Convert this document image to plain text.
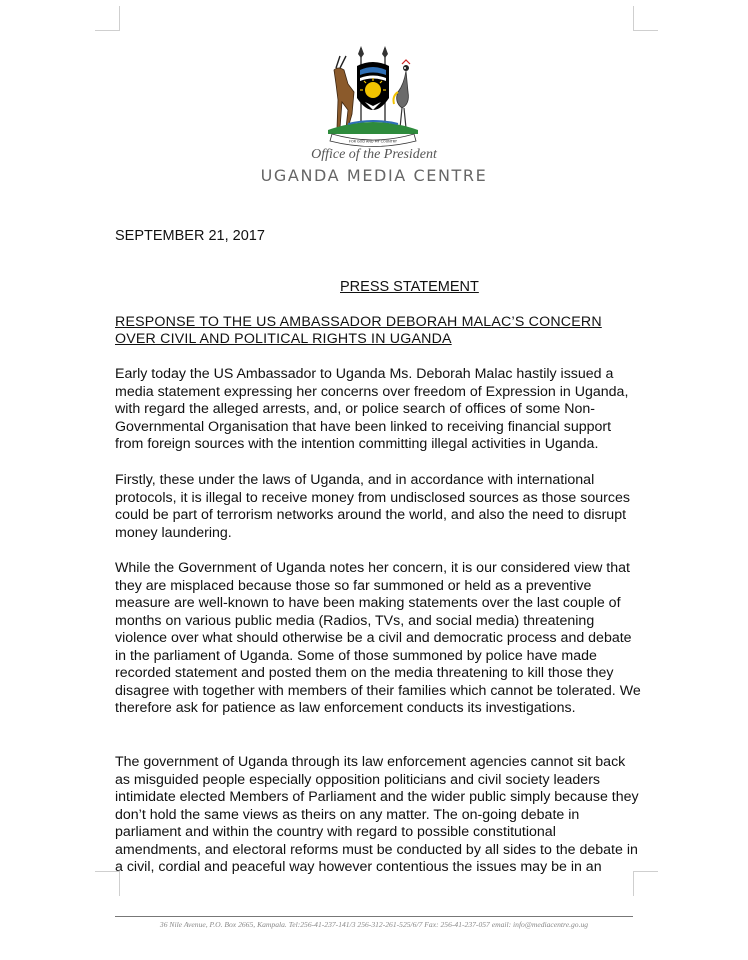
FOR GOD AND MY COUNTRY
Office of the President
UGANDA MEDIA CENTRE
SEPTEMBER 21, 2017
PRESS STATEMENT
RESPONSE TO THE US AMBASSADOR DEBORAH MALAC’S CONCERN
OVER CIVIL AND POLITICAL RIGHTS IN UGANDA

Early today the US Ambassador to Uganda Ms. Deborah Malac hastily issued a media statement expressing her concerns over freedom of Expression in Uganda, with regard the alleged arrests, and, or police search of offices of some Non-Governmental Organisation that have been linked to receiving financial support from foreign sources with the intention committing illegal activities in Uganda.

Firstly, these under the laws of Uganda, and in accordance with international protocols, it is illegal to receive money from undisclosed sources as those sources could be part of terrorism networks around the world, and also the need to disrupt money laundering.

While the Government of Uganda notes her concern, it is our considered view that they are misplaced because those so far summoned or held as a preventive measure are well-known to have been making statements over the last couple of months on various public media (Radios, TVs, and social media) threatening violence over what should otherwise be a civil and democratic process and debate in the parliament of Uganda. Some of those summoned by police have made recorded statement and posted them on the media threatening to kill those they disagree with together with members of their families which cannot be tolerated. We therefore ask for patience as law enforcement conducts its investigations.

The government of Uganda through its law enforcement agencies cannot sit back as misguided people especially opposition politicians and civil society leaders intimidate elected Members of Parliament and the wider public simply because they don’t hold the same views as theirs on any matter. The on-going debate in parliament and within the country with regard to possible constitutional amendments, and electoral reforms must be conducted by all sides to the debate in a civil, cordial and peaceful way however contentious the issues may be in an

36 Nile Avenue, P.O. Box 2665, Kampala. Tel:256-41-237-141/3 256-312-261-525/6/7 Fax: 256-41-237-057 email: info@mediacentre.go.ug
